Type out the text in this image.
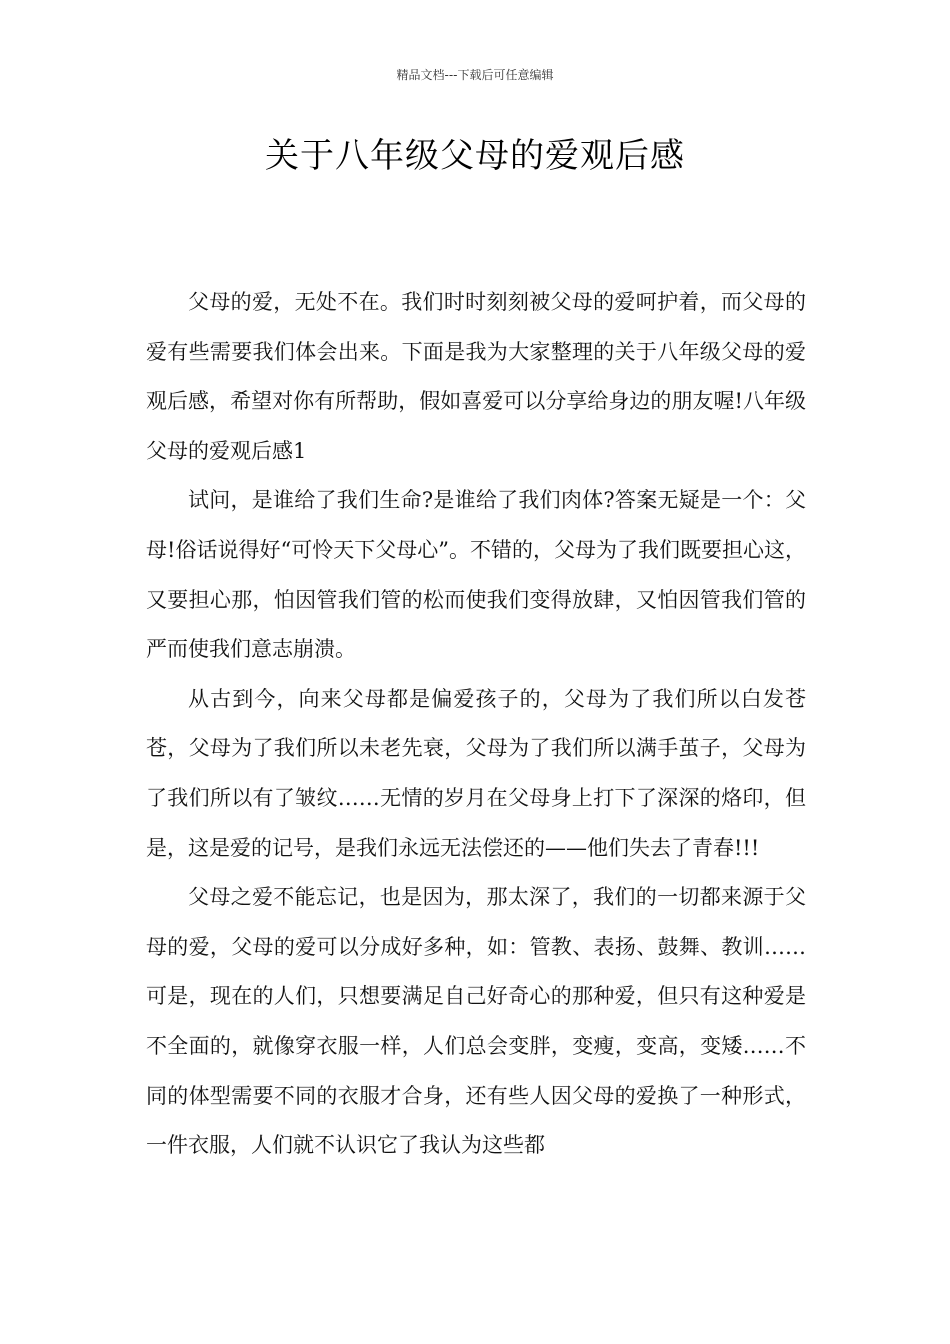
精品文档---下载后可任意编辑
关于八年级父母的爱观后感

父母的爱，无处不在。我们时时刻刻被父母的爱呵护着，而父母的爱有些需要我们体会出来。下面是我为大家整理的关于八年级父母的爱观后感，希望对你有所帮助，假如喜爱可以分享给身边的朋友喔!八年级父母的爱观后感1

试问，是谁给了我们生命?是谁给了我们肉体?答案无疑是一个：父母!俗话说得好“可怜天下父母心”。不错的，父母为了我们既要担心这，又要担心那，怕因管我们管的松而使我们变得放肆，又怕因管我们管的严而使我们意志崩溃。

从古到今，向来父母都是偏爱孩子的，父母为了我们所以白发苍苍，父母为了我们所以未老先衰，父母为了我们所以满手茧子，父母为了我们所以有了皱纹……无情的岁月在父母身上打下了深深的烙印，但是，这是爱的记号，是我们永远无法偿还的——他们失去了青春!!!

父母之爱不能忘记，也是因为，那太深了，我们的一切都来源于父母的爱，父母的爱可以分成好多种，如：管教、表扬、鼓舞、教训……可是，现在的人们，只想要满足自己好奇心的那种爱，但只有这种爱是不全面的，就像穿衣服一样，人们总会变胖，变瘦，变高，变矮……不同的体型需要不同的衣服才合身，还有些人因父母的爱换了一种形式，一件衣服，人们就不认识它了我认为这些都
